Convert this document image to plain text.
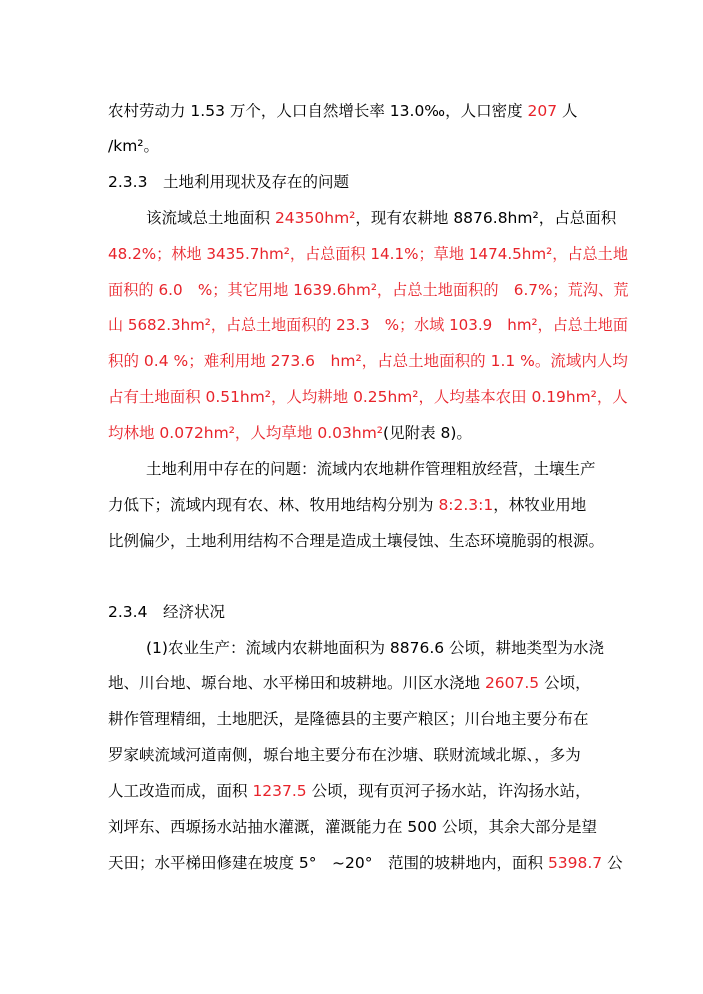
农村劳动力 1.53 万个，人口自然增长率 13.0‰，人口密度 207 人
/km²。
2.3.3　土地利用现状及存在的问题
该流域总土地面积 24350hm²，现有农耕地 8876.8hm²，占总面积
48.2%；林地 3435.7hm²，占总面积 14.1%；草地 1474.5hm²，占总土地
面积的 6.0　%；其它用地 1639.6hm²，占总土地面积的　6.7%；荒沟、荒
山 5682.3hm²，占总土地面积的 23.3　%；水域 103.9　hm²，占总土地面
积的 0.4 %；难利用地 273.6　hm²，占总土地面积的 1.1 %。流域内人均
占有土地面积 0.51hm²，人均耕地 0.25hm²，人均基本农田 0.19hm²，人
均林地 0.072hm²，人均草地 0.03hm²(见附表 8)。
土地利用中存在的问题：流域内农地耕作管理粗放经营，土壤生产
力低下；流域内现有农、林、牧用地结构分别为 8:2.3:1，林牧业用地
比例偏少，土地利用结构不合理是造成土壤侵蚀、生态环境脆弱的根源。
2.3.4　经济状况
(1)农业生产：流域内农耕地面积为 8876.6 公顷，耕地类型为水浇
地、川台地、塬台地、水平梯田和坡耕地。川区水浇地 2607.5 公顷，
耕作管理精细，土地肥沃，是隆德县的主要产粮区；川台地主要分布在
罗家峡流域河道南侧，塬台地主要分布在沙塘、联财流域北塬、，多为
人工改造而成，面积 1237.5 公顷，现有页河子扬水站，许沟扬水站，
刘坪东、西塬扬水站抽水灌溉，灌溉能力在 500 公顷，其余大部分是望
天田；水平梯田修建在坡度 5°　~20°　范围的坡耕地内，面积 5398.7 公
